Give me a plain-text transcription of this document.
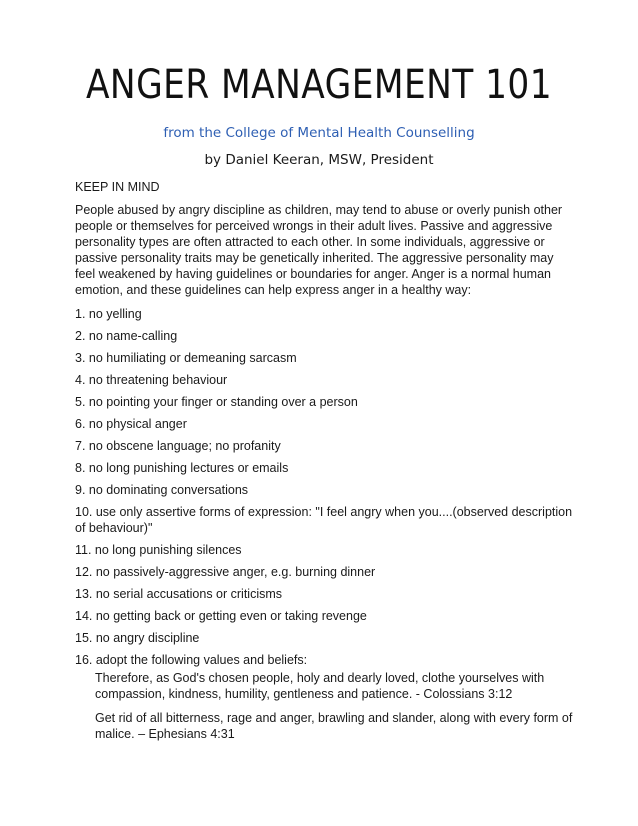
ANGER MANAGEMENT 101
from the College of Mental Health Counselling
by Daniel Keeran, MSW, President
KEEP IN MIND

People abused by angry discipline as children, may tend to abuse or overly punish other people or themselves for perceived wrongs in their adult lives. Passive and aggressive personality types are often attracted to each other. In some individuals, aggressive or passive personality traits may be genetically inherited. The aggressive personality may feel weakened by having guidelines or boundaries for anger. Anger is a normal human emotion, and these guidelines can help express anger in a healthy way:

1. no yelling
2. no name-calling
3. no humiliating or demeaning sarcasm
4. no threatening behaviour
5. no pointing your finger or standing over a person
6. no physical anger
7. no obscene language; no profanity
8. no long punishing lectures or emails
9. no dominating conversations
10. use only assertive forms of expression: "I feel angry when you....(observed description of behaviour)"
11. no long punishing silences
12. no passively-aggressive anger, e.g. burning dinner
13. no serial accusations or criticisms
14. no getting back or getting even or taking revenge
15. no angry discipline
16. adopt the following values and beliefs:

Therefore, as God's chosen people, holy and dearly loved, clothe yourselves with compassion, kindness, humility, gentleness and patience. - Colossians 3:12

Get rid of all bitterness, rage and anger, brawling and slander, along with every form of malice. – Ephesians 4:31
